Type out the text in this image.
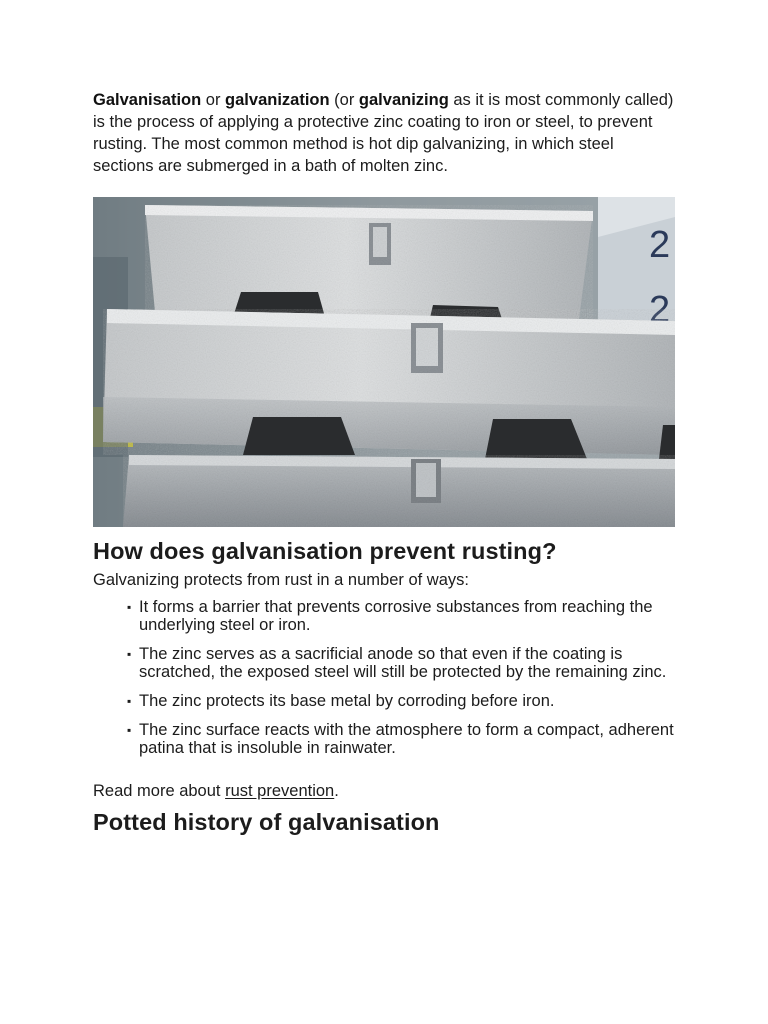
Galvanisation or galvanization (or galvanizing as it is most commonly called) is the process of applying a protective zinc coating to iron or steel, to prevent rusting. The most common method is hot dip galvanizing, in which steel sections are submerged in a bath of molten zinc.

2
2
How does galvanisation prevent rusting?

Galvanizing protects from rust in a number of ways:

▪ It forms a barrier that prevents corrosive substances from reaching the underlying steel or iron.
▪ The zinc serves as a sacrificial anode so that even if the coating is scratched, the exposed steel will still be protected by the remaining zinc.
▪ The zinc protects its base metal by corroding before iron.
▪ The zinc surface reacts with the atmosphere to form a compact, adherent patina that is insoluble in rainwater.

Read more about rust prevention.

Potted history of galvanisation
